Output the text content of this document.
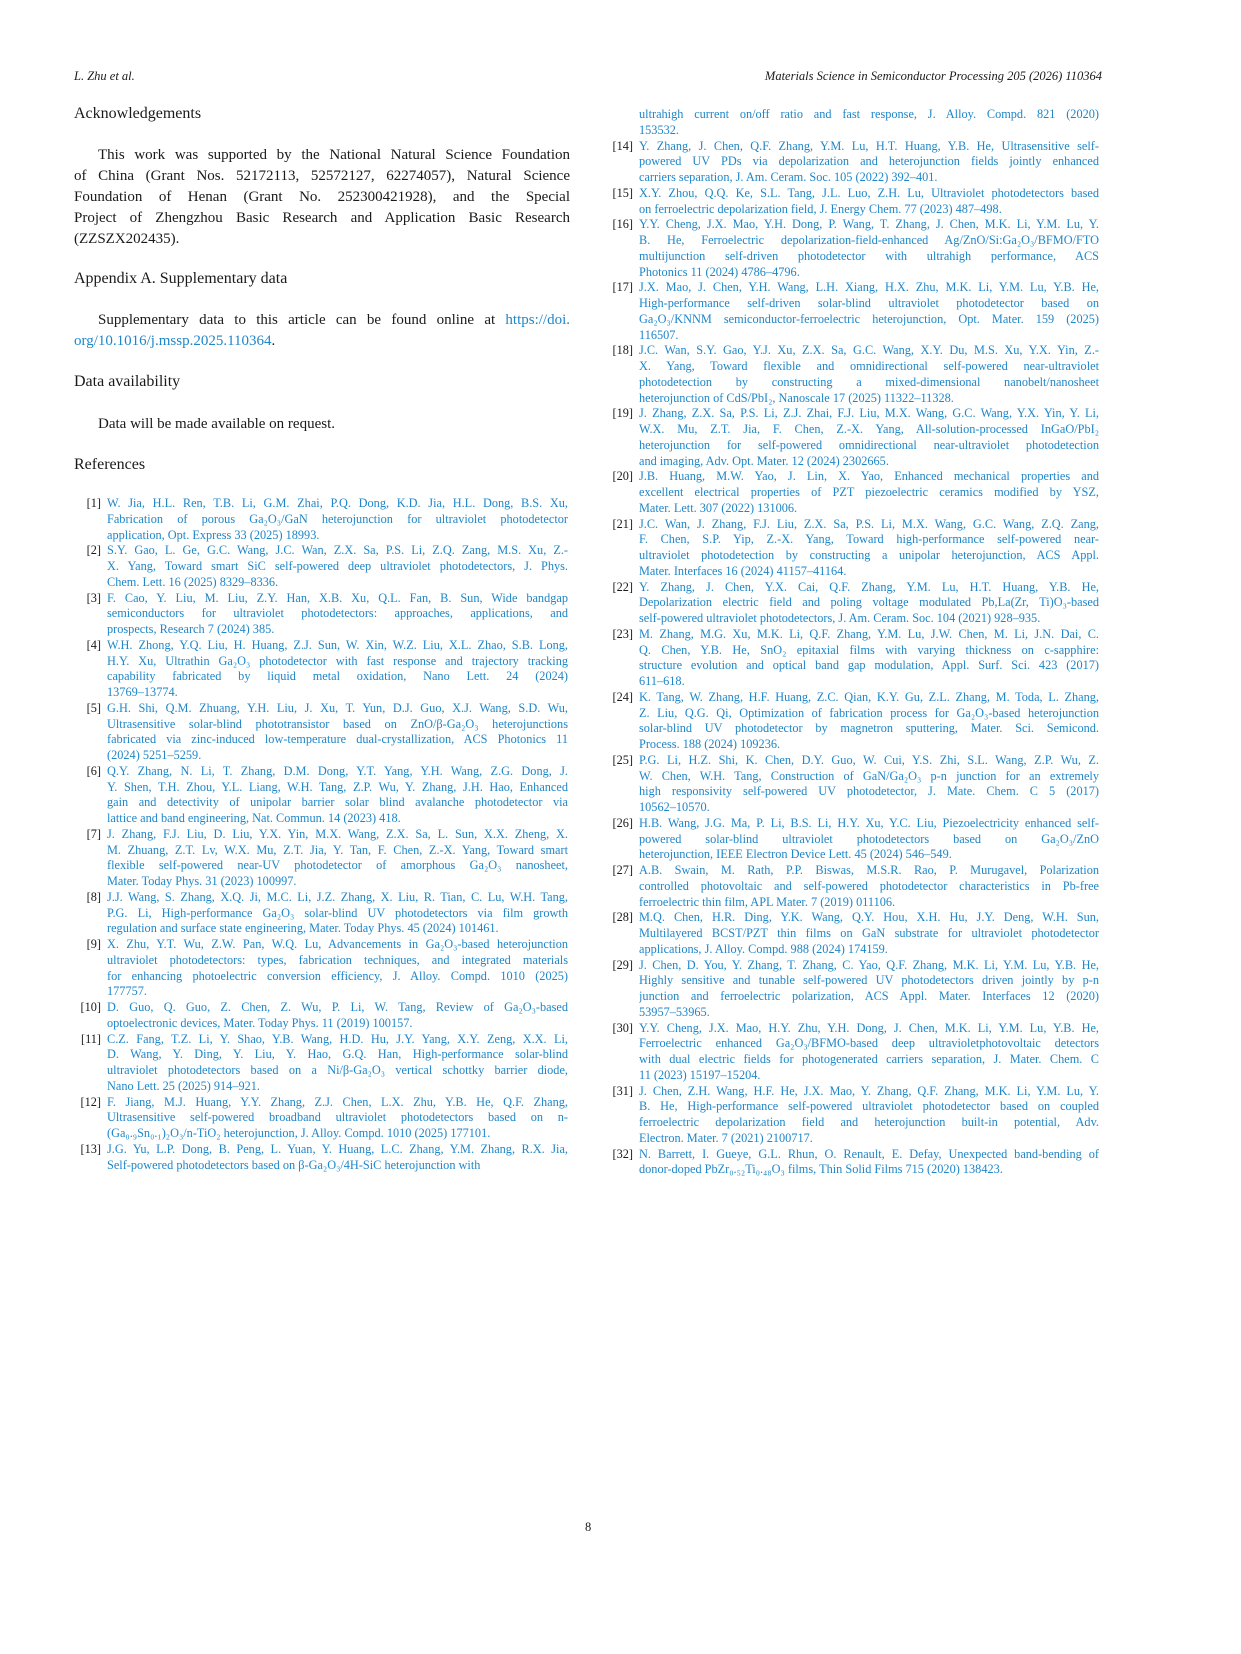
L. Zhu et al.	Materials Science in Semiconductor Processing 205 (2026) 110364
Acknowledgements
This work was supported by the National Natural Science Foundation
of China (Grant Nos. 52172113, 52572127, 62274057), Natural Science
Foundation of Henan (Grant No. 252300421928), and the Special
Project of Zhengzhou Basic Research and Application Basic Research
(ZZSZX202435).
Appendix A. Supplementary data
Supplementary data to this article can be found online at https://doi.
org/10.1016/j.mssp.2025.110364.
Data availability
Data will be made available on request.
References
[1] W. Jia, H.L. Ren, T.B. Li, G.M. Zhai, P.Q. Dong, K.D. Jia, H.L. Dong, B.S. Xu,
Fabrication of porous Ga₂O₃/GaN heterojunction for ultraviolet photodetector
application, Opt. Express 33 (2025) 18993.
[2] S.Y. Gao, L. Ge, G.C. Wang, J.C. Wan, Z.X. Sa, P.S. Li, Z.Q. Zang, M.S. Xu, Z.-
X. Yang, Toward smart SiC self-powered deep ultraviolet photodetectors, J. Phys.
Chem. Lett. 16 (2025) 8329–8336.
[3] F. Cao, Y. Liu, M. Liu, Z.Y. Han, X.B. Xu, Q.L. Fan, B. Sun, Wide bandgap
semiconductors for ultraviolet photodetectors: approaches, applications, and
prospects, Research 7 (2024) 385.
[4] W.H. Zhong, Y.Q. Liu, H. Huang, Z.J. Sun, W. Xin, W.Z. Liu, X.L. Zhao, S.B. Long,
H.Y. Xu, Ultrathin Ga₂O₃ photodetector with fast response and trajectory tracking
capability fabricated by liquid metal oxidation, Nano Lett. 24 (2024)
13769–13774.
[5] G.H. Shi, Q.M. Zhuang, Y.H. Liu, J. Xu, T. Yun, D.J. Guo, X.J. Wang, S.D. Wu,
Ultrasensitive solar-blind phototransistor based on ZnO/β-Ga₂O₃ heterojunctions
fabricated via zinc-induced low-temperature dual-crystallization, ACS Photonics 11
(2024) 5251–5259.
[6] Q.Y. Zhang, N. Li, T. Zhang, D.M. Dong, Y.T. Yang, Y.H. Wang, Z.G. Dong, J.
Y. Shen, T.H. Zhou, Y.L. Liang, W.H. Tang, Z.P. Wu, Y. Zhang, J.H. Hao, Enhanced
gain and detectivity of unipolar barrier solar blind avalanche photodetector via
lattice and band engineering, Nat. Commun. 14 (2023) 418.
[7] J. Zhang, F.J. Liu, D. Liu, Y.X. Yin, M.X. Wang, Z.X. Sa, L. Sun, X.X. Zheng, X.
M. Zhuang, Z.T. Lv, W.X. Mu, Z.T. Jia, Y. Tan, F. Chen, Z.-X. Yang, Toward smart
flexible self-powered near-UV photodetector of amorphous Ga₂O₃ nanosheet,
Mater. Today Phys. 31 (2023) 100997.
[8] J.J. Wang, S. Zhang, X.Q. Ji, M.C. Li, J.Z. Zhang, X. Liu, R. Tian, C. Lu, W.H. Tang,
P.G. Li, High-performance Ga₂O₃ solar-blind UV photodetectors via film growth
regulation and surface state engineering, Mater. Today Phys. 45 (2024) 101461.
[9] X. Zhu, Y.T. Wu, Z.W. Pan, W.Q. Lu, Advancements in Ga₂O₃-based heterojunction
ultraviolet photodetectors: types, fabrication techniques, and integrated materials
for enhancing photoelectric conversion efficiency, J. Alloy. Compd. 1010 (2025)
177757.
[10] D. Guo, Q. Guo, Z. Chen, Z. Wu, P. Li, W. Tang, Review of Ga₂O₃-based
optoelectronic devices, Mater. Today Phys. 11 (2019) 100157.
[11] C.Z. Fang, T.Z. Li, Y. Shao, Y.B. Wang, H.D. Hu, J.Y. Yang, X.Y. Zeng, X.X. Li,
D. Wang, Y. Ding, Y. Liu, Y. Hao, G.Q. Han, High-performance solar-blind
ultraviolet photodetectors based on a Ni/β-Ga₂O₃ vertical schottky barrier diode,
Nano Lett. 25 (2025) 914–921.
[12] F. Jiang, M.J. Huang, Y.Y. Zhang, Z.J. Chen, L.X. Zhu, Y.B. He, Q.F. Zhang,
Ultrasensitive self-powered broadband ultraviolet photodetectors based on n-
(Ga₀.₉Sn₀.₁)₂O₃/n-TiO₂ heterojunction, J. Alloy. Compd. 1010 (2025) 177101.
[13] J.G. Yu, L.P. Dong, B. Peng, L. Yuan, Y. Huang, L.C. Zhang, Y.M. Zhang, R.X. Jia,
Self-powered photodetectors based on β-Ga₂O₃/4H-SiC heterojunction with
ultrahigh current on/off ratio and fast response, J. Alloy. Compd. 821 (2020)
153532.
[14] Y. Zhang, J. Chen, Q.F. Zhang, Y.M. Lu, H.T. Huang, Y.B. He, Ultrasensitive self-
powered UV PDs via depolarization and heterojunction fields jointly enhanced
carriers separation, J. Am. Ceram. Soc. 105 (2022) 392–401.
[15] X.Y. Zhou, Q.Q. Ke, S.L. Tang, J.L. Luo, Z.H. Lu, Ultraviolet photodetectors based
on ferroelectric depolarization field, J. Energy Chem. 77 (2023) 487–498.
[16] Y.Y. Cheng, J.X. Mao, Y.H. Dong, P. Wang, T. Zhang, J. Chen, M.K. Li, Y.M. Lu, Y.
B. He, Ferroelectric depolarization-field-enhanced Ag/ZnO/Si:Ga₂O₃/BFMO/FTO
multijunction self-driven photodetector with ultrahigh performance, ACS
Photonics 11 (2024) 4786–4796.
[17] J.X. Mao, J. Chen, Y.H. Wang, L.H. Xiang, H.X. Zhu, M.K. Li, Y.M. Lu, Y.B. He,
High-performance self-driven solar-blind ultraviolet photodetector based on
Ga₂O₃/KNNM semiconductor-ferroelectric heterojunction, Opt. Mater. 159 (2025)
116507.
[18] J.C. Wan, S.Y. Gao, Y.J. Xu, Z.X. Sa, G.C. Wang, X.Y. Du, M.S. Xu, Y.X. Yin, Z.-
X. Yang, Toward flexible and omnidirectional self-powered near-ultraviolet
photodetection by constructing a mixed-dimensional nanobelt/nanosheet
heterojunction of CdS/PbI₂, Nanoscale 17 (2025) 11322–11328.
[19] J. Zhang, Z.X. Sa, P.S. Li, Z.J. Zhai, F.J. Liu, M.X. Wang, G.C. Wang, Y.X. Yin, Y. Li,
W.X. Mu, Z.T. Jia, F. Chen, Z.-X. Yang, All-solution-processed InGaO/PbI₂
heterojunction for self-powered omnidirectional near-ultraviolet photodetection
and imaging, Adv. Opt. Mater. 12 (2024) 2302665.
[20] J.B. Huang, M.W. Yao, J. Lin, X. Yao, Enhanced mechanical properties and
excellent electrical properties of PZT piezoelectric ceramics modified by YSZ,
Mater. Lett. 307 (2022) 131006.
[21] J.C. Wan, J. Zhang, F.J. Liu, Z.X. Sa, P.S. Li, M.X. Wang, G.C. Wang, Z.Q. Zang,
F. Chen, S.P. Yip, Z.-X. Yang, Toward high-performance self-powered near-
ultraviolet photodetection by constructing a unipolar heterojunction, ACS Appl.
Mater. Interfaces 16 (2024) 41157–41164.
[22] Y. Zhang, J. Chen, Y.X. Cai, Q.F. Zhang, Y.M. Lu, H.T. Huang, Y.B. He,
Depolarization electric field and poling voltage modulated Pb,La(Zr, Ti)O₃-based
self-powered ultraviolet photodetectors, J. Am. Ceram. Soc. 104 (2021) 928–935.
[23] M. Zhang, M.G. Xu, M.K. Li, Q.F. Zhang, Y.M. Lu, J.W. Chen, M. Li, J.N. Dai, C.
Q. Chen, Y.B. He, SnO₂ epitaxial films with varying thickness on c-sapphire:
structure evolution and optical band gap modulation, Appl. Surf. Sci. 423 (2017)
611–618.
[24] K. Tang, W. Zhang, H.F. Huang, Z.C. Qian, K.Y. Gu, Z.L. Zhang, M. Toda, L. Zhang,
Z. Liu, Q.G. Qi, Optimization of fabrication process for Ga₂O₃-based heterojunction
solar-blind UV photodetector by magnetron sputtering, Mater. Sci. Semicond.
Process. 188 (2024) 109236.
[25] P.G. Li, H.Z. Shi, K. Chen, D.Y. Guo, W. Cui, Y.S. Zhi, S.L. Wang, Z.P. Wu, Z.
W. Chen, W.H. Tang, Construction of GaN/Ga₂O₃ p-n junction for an extremely
high responsivity self-powered UV photodetector, J. Mate. Chem. C 5 (2017)
10562–10570.
[26] H.B. Wang, J.G. Ma, P. Li, B.S. Li, H.Y. Xu, Y.C. Liu, Piezoelectricity enhanced self-
powered solar-blind ultraviolet photodetectors based on Ga₂O₃/ZnO
heterojunction, IEEE Electron Device Lett. 45 (2024) 546–549.
[27] A.B. Swain, M. Rath, P.P. Biswas, M.S.R. Rao, P. Murugavel, Polarization
controlled photovoltaic and self-powered photodetector characteristics in Pb-free
ferroelectric thin film, APL Mater. 7 (2019) 011106.
[28] M.Q. Chen, H.R. Ding, Y.K. Wang, Q.Y. Hou, X.H. Hu, J.Y. Deng, W.H. Sun,
Multilayered BCST/PZT thin films on GaN substrate for ultraviolet photodetector
applications, J. Alloy. Compd. 988 (2024) 174159.
[29] J. Chen, D. You, Y. Zhang, T. Zhang, C. Yao, Q.F. Zhang, M.K. Li, Y.M. Lu, Y.B. He,
Highly sensitive and tunable self-powered UV photodetectors driven jointly by p-n
junction and ferroelectric polarization, ACS Appl. Mater. Interfaces 12 (2020)
53957–53965.
[30] Y.Y. Cheng, J.X. Mao, H.Y. Zhu, Y.H. Dong, J. Chen, M.K. Li, Y.M. Lu, Y.B. He,
Ferroelectric enhanced Ga₂O₃/BFMO-based deep ultravioletphotovoltaic detectors
with dual electric fields for photogenerated carriers separation, J. Mater. Chem. C
11 (2023) 15197–15204.
[31] J. Chen, Z.H. Wang, H.F. He, J.X. Mao, Y. Zhang, Q.F. Zhang, M.K. Li, Y.M. Lu, Y.
B. He, High-performance self-powered ultraviolet photodetector based on coupled
ferroelectric depolarization field and heterojunction built-in potential, Adv.
Electron. Mater. 7 (2021) 2100717.
[32] N. Barrett, I. Gueye, G.L. Rhun, O. Renault, E. Defay, Unexpected band-bending of
donor-doped PbZr₀.₅₂Ti₀.₄₈O₃ films, Thin Solid Films 715 (2020) 138423.
8
